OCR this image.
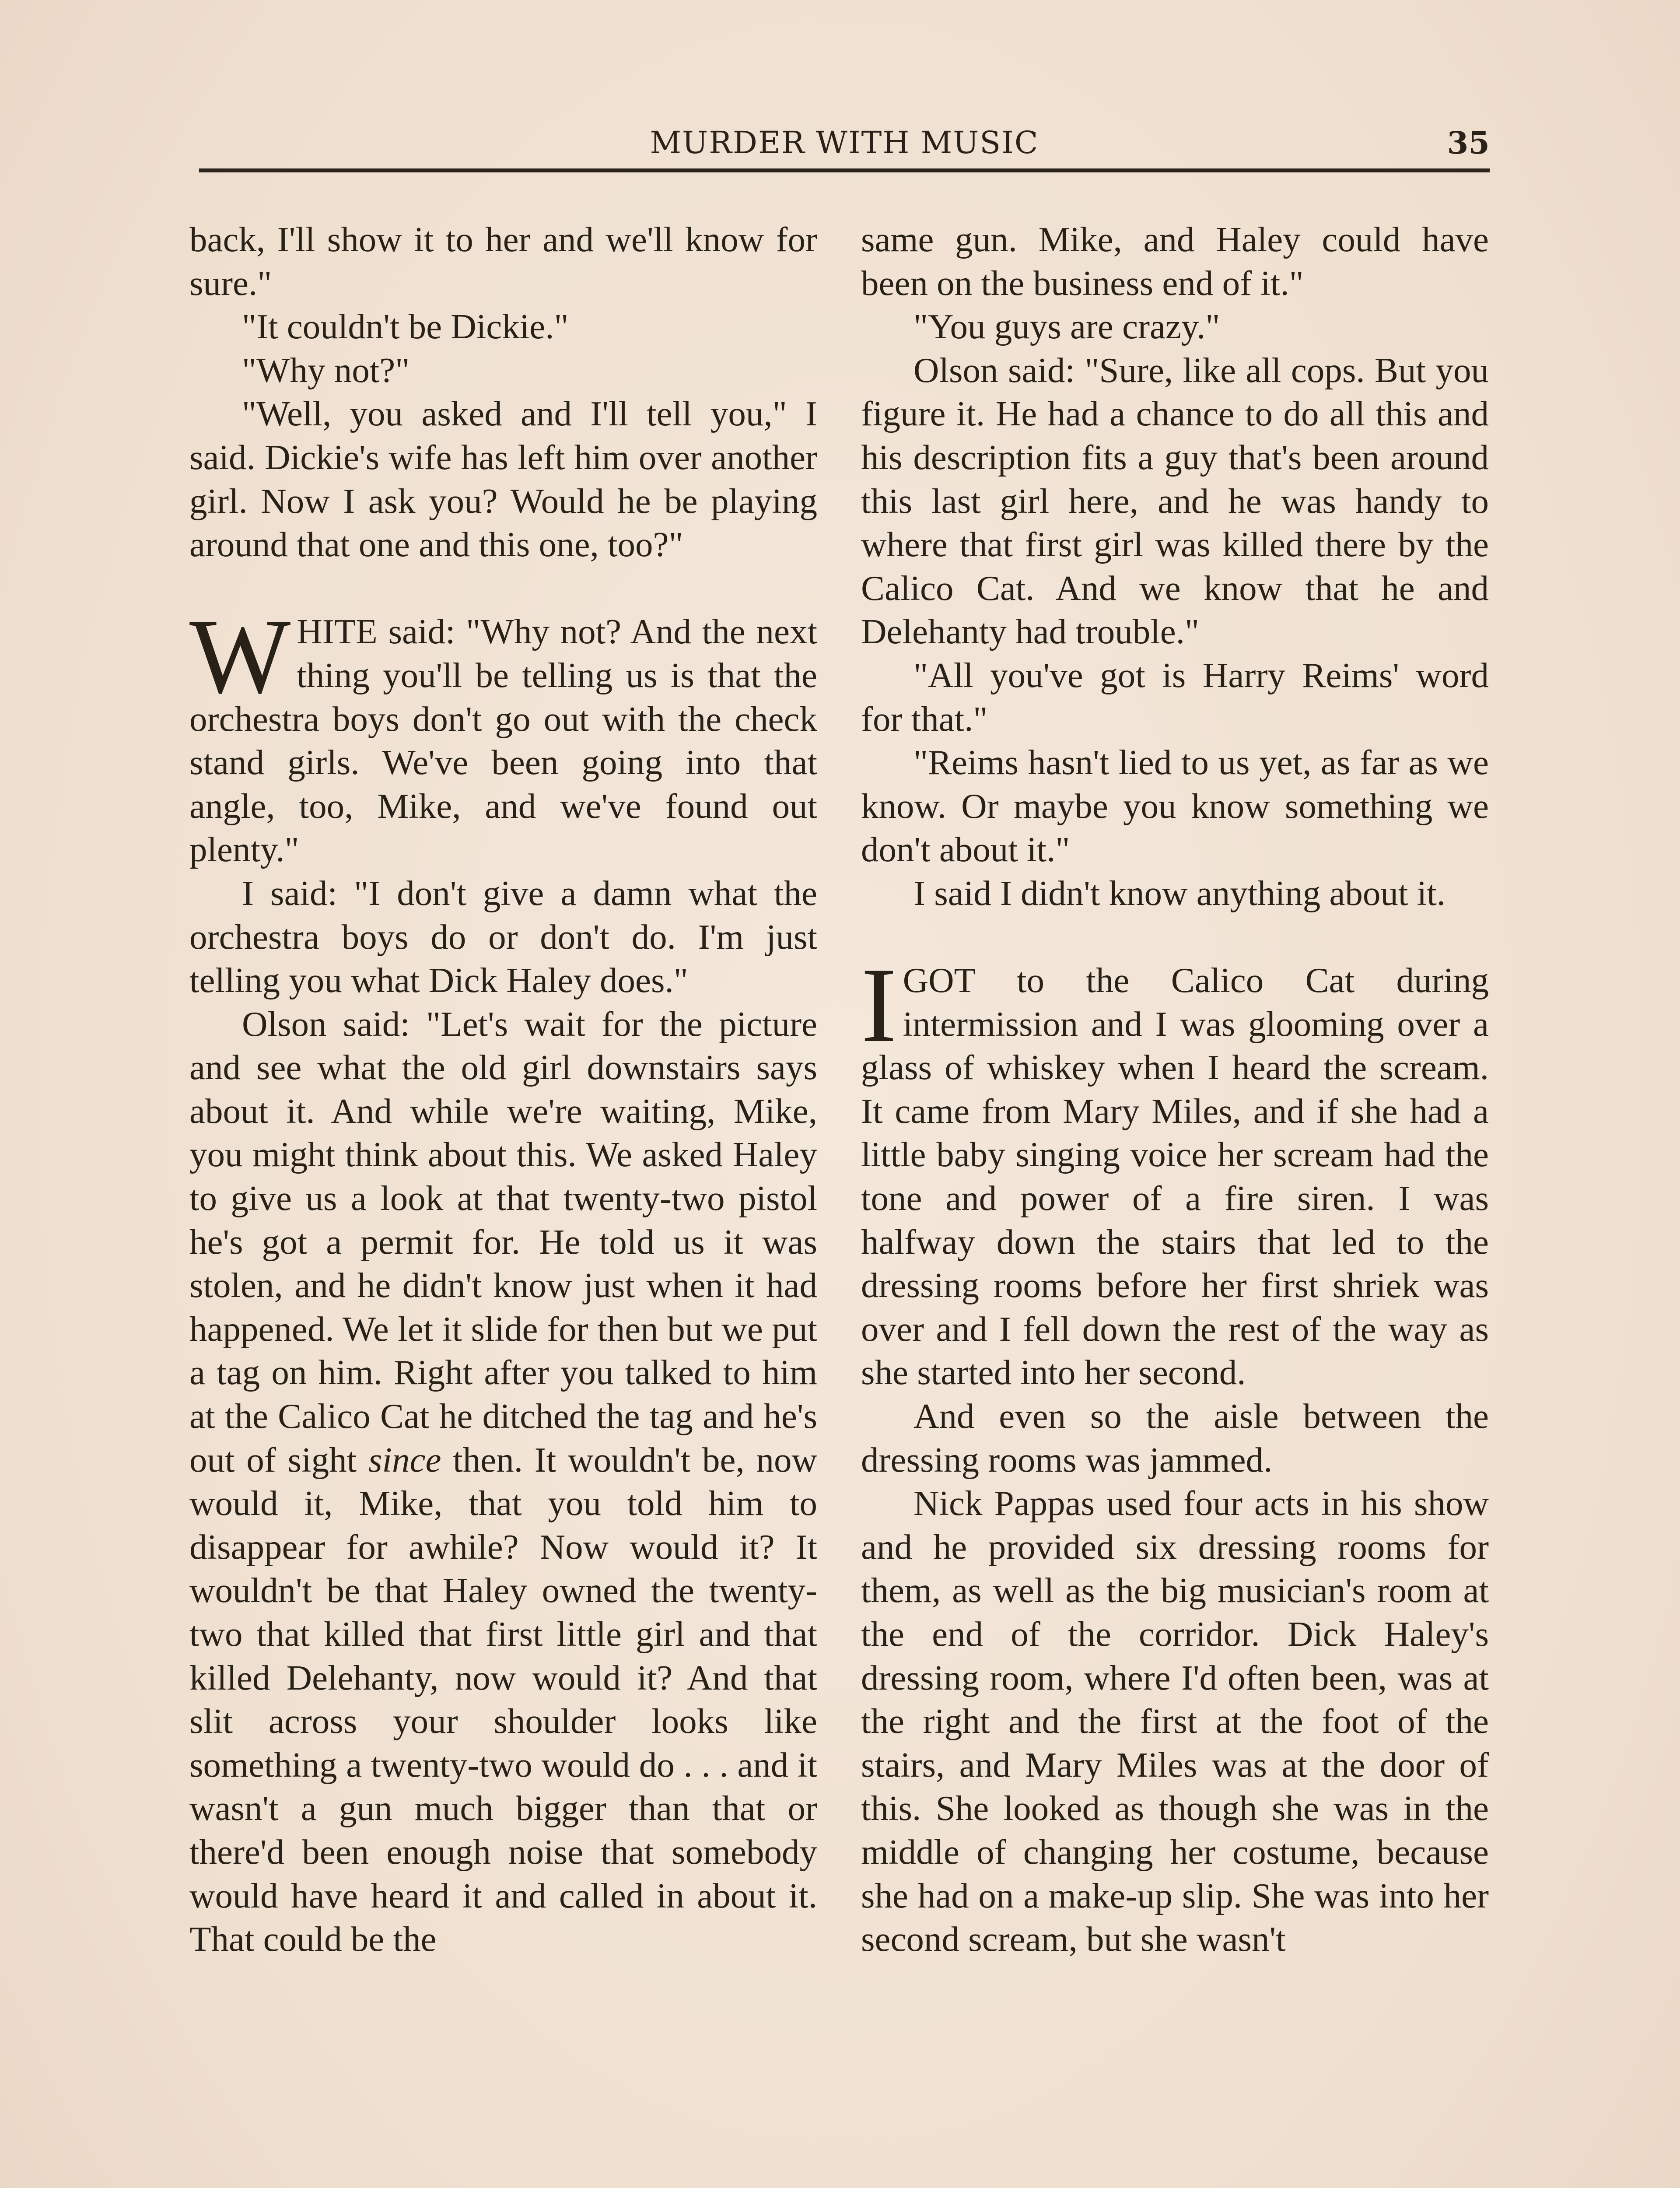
MURDER WITH MUSIC	35

back, I'll show it to her and we'll know for sure."

"It couldn't be Dickie."

"Why not?"

"Well, you asked and I'll tell you," I said. Dickie's wife has left him over another girl. Now I ask you? Would he be playing around that one and this one, too?"

WHITE said: "Why not? And the next thing you'll be telling us is that the orchestra boys don't go out with the check stand girls. We've been going into that angle, too, Mike, and we've found out plenty."

I said: "I don't give a damn what the orchestra boys do or don't do. I'm just telling you what Dick Haley does."

Olson said: "Let's wait for the picture and see what the old girl downstairs says about it. And while we're waiting, Mike, you might think about this. We asked Haley to give us a look at that twenty-two pistol he's got a permit for. He told us it was stolen, and he didn't know just when it had happened. We let it slide for then but we put a tag on him. Right after you talked to him at the Calico Cat he ditched the tag and he's out of sight since then. It wouldn't be, now would it, Mike, that you told him to disappear for awhile? Now would it? It wouldn't be that Haley owned the twenty-two that killed that first little girl and that killed Delehanty, now would it? And that slit across your shoulder looks like something a twenty-two would do . . . and it wasn't a gun much bigger than that or there'd been enough noise that somebody would have heard it and called in about it. That could be the

same gun. Mike, and Haley could have been on the business end of it."

"You guys are crazy."

Olson said: "Sure, like all cops. But you figure it. He had a chance to do all this and his description fits a guy that's been around this last girl here, and he was handy to where that first girl was killed there by the Calico Cat. And we know that he and Delehanty had trouble."

"All you've got is Harry Reims' word for that."

"Reims hasn't lied to us yet, as far as we know. Or maybe you know something we don't about it."

I said I didn't know anything about it.

IGOT to the Calico Cat during intermission and I was glooming over a glass of whiskey when I heard the scream. It came from Mary Miles, and if she had a little baby singing voice her scream had the tone and power of a fire siren. I was halfway down the stairs that led to the dressing rooms before her first shriek was over and I fell down the rest of the way as she started into her second.

And even so the aisle between the dressing rooms was jammed.

Nick Pappas used four acts in his show and he provided six dressing rooms for them, as well as the big musician's room at the end of the corridor. Dick Haley's dressing room, where I'd often been, was at the right and the first at the foot of the stairs, and Mary Miles was at the door of this. She looked as though she was in the middle of changing her costume, because she had on a make-up slip. She was into her second scream, but she wasn't
